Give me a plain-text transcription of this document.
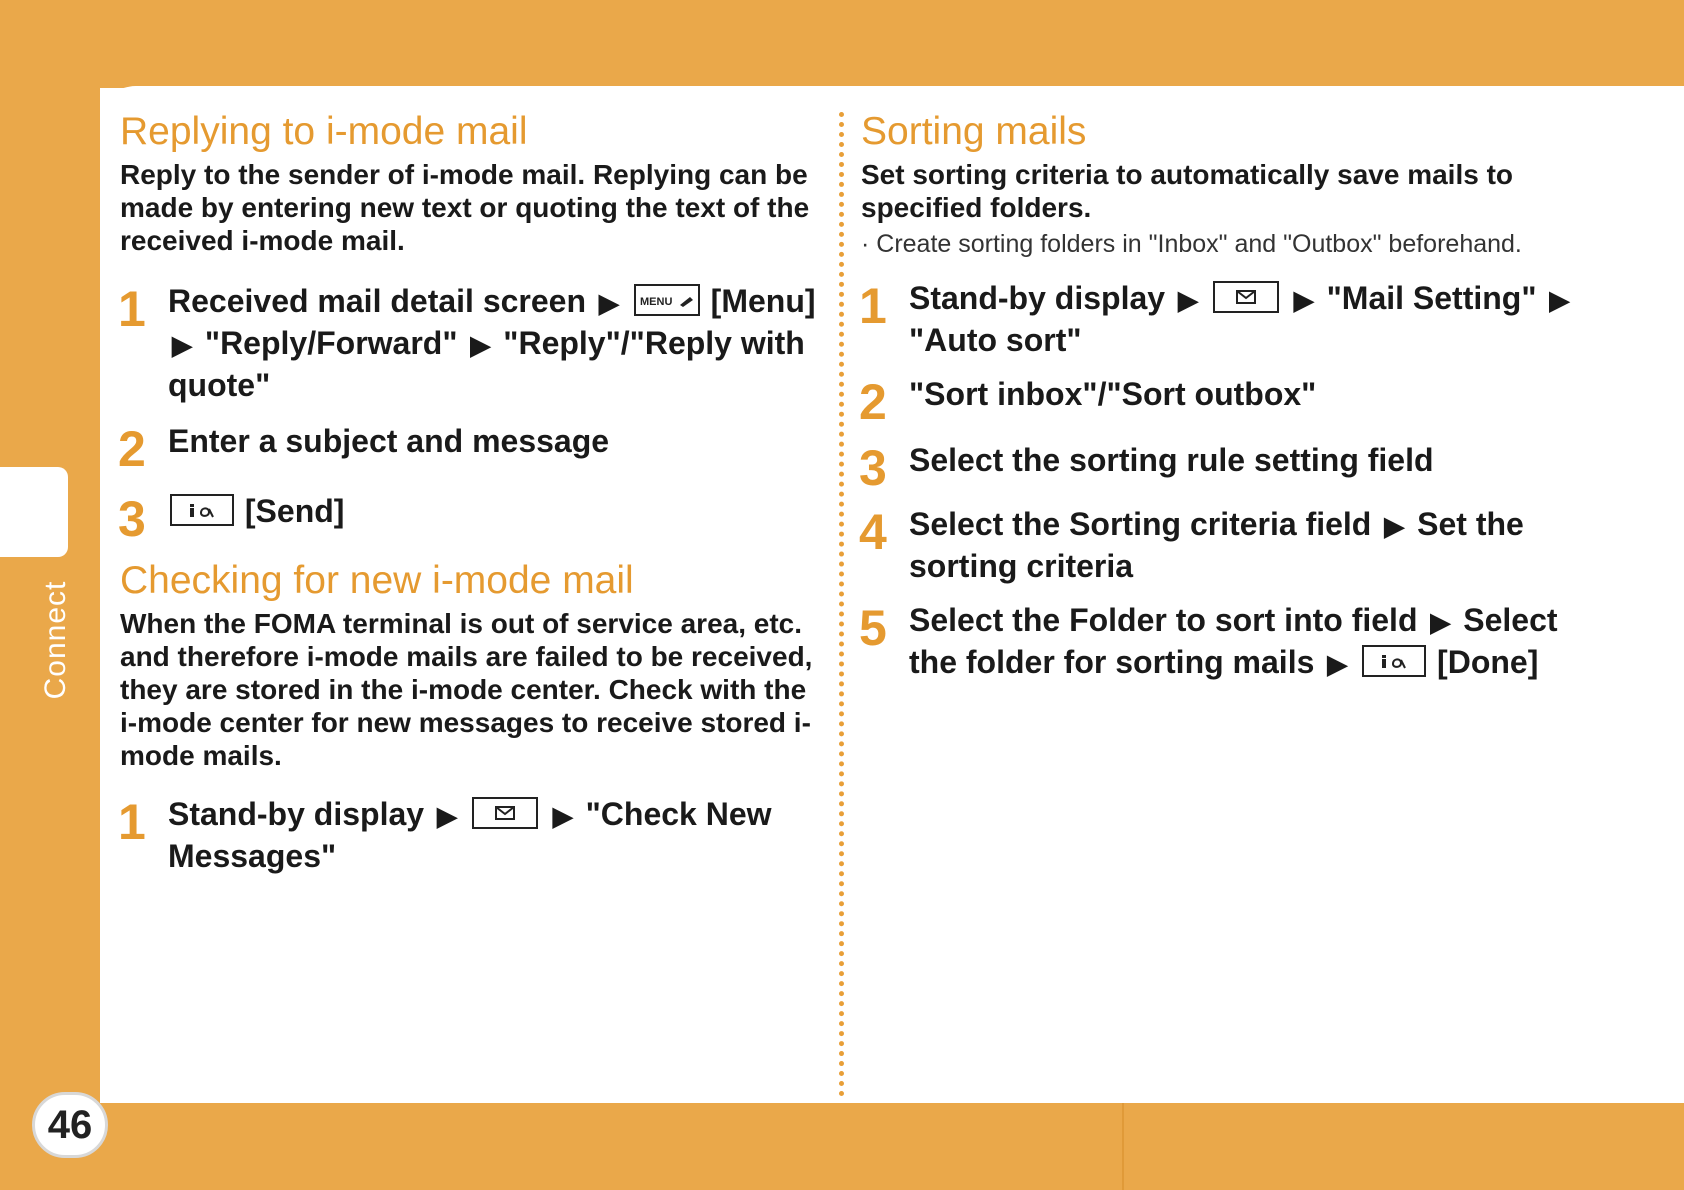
Connect
46
Replying to i-mode mail

Reply to the sender of i-mode mail. Replying can be made by entering new text or quoting the text of the received i-mode mail.

1 Received mail detail screen ▶ MENU [Menu] ▶ "Reply/Forward" ▶ "Reply"/"Reply with quote"
2 Enter a subject and message
3	[Send]
Checking for new i-mode mail

When the FOMA terminal is out of service area, etc. and therefore i-mode mails are failed to be received, they are stored in the i-mode center. Check with the i-mode center for new messages to receive stored i-mode mails.

1 Stand-by display ▶	▶ "Check New Messages"
Sorting mails

Set sorting criteria to automatically save mails to specified folders.

· Create sorting folders in "Inbox" and "Outbox" beforehand.

1 Stand-by display ▶	▶ "Mail Setting" ▶ "Auto sort"
2 "Sort inbox"/"Sort outbox"
3 Select the sorting rule setting field
4 Select the Sorting criteria field ▶ Set the sorting criteria
5 Select the Folder to sort into field ▶ Select the folder for sorting mails ▶	[Done]
